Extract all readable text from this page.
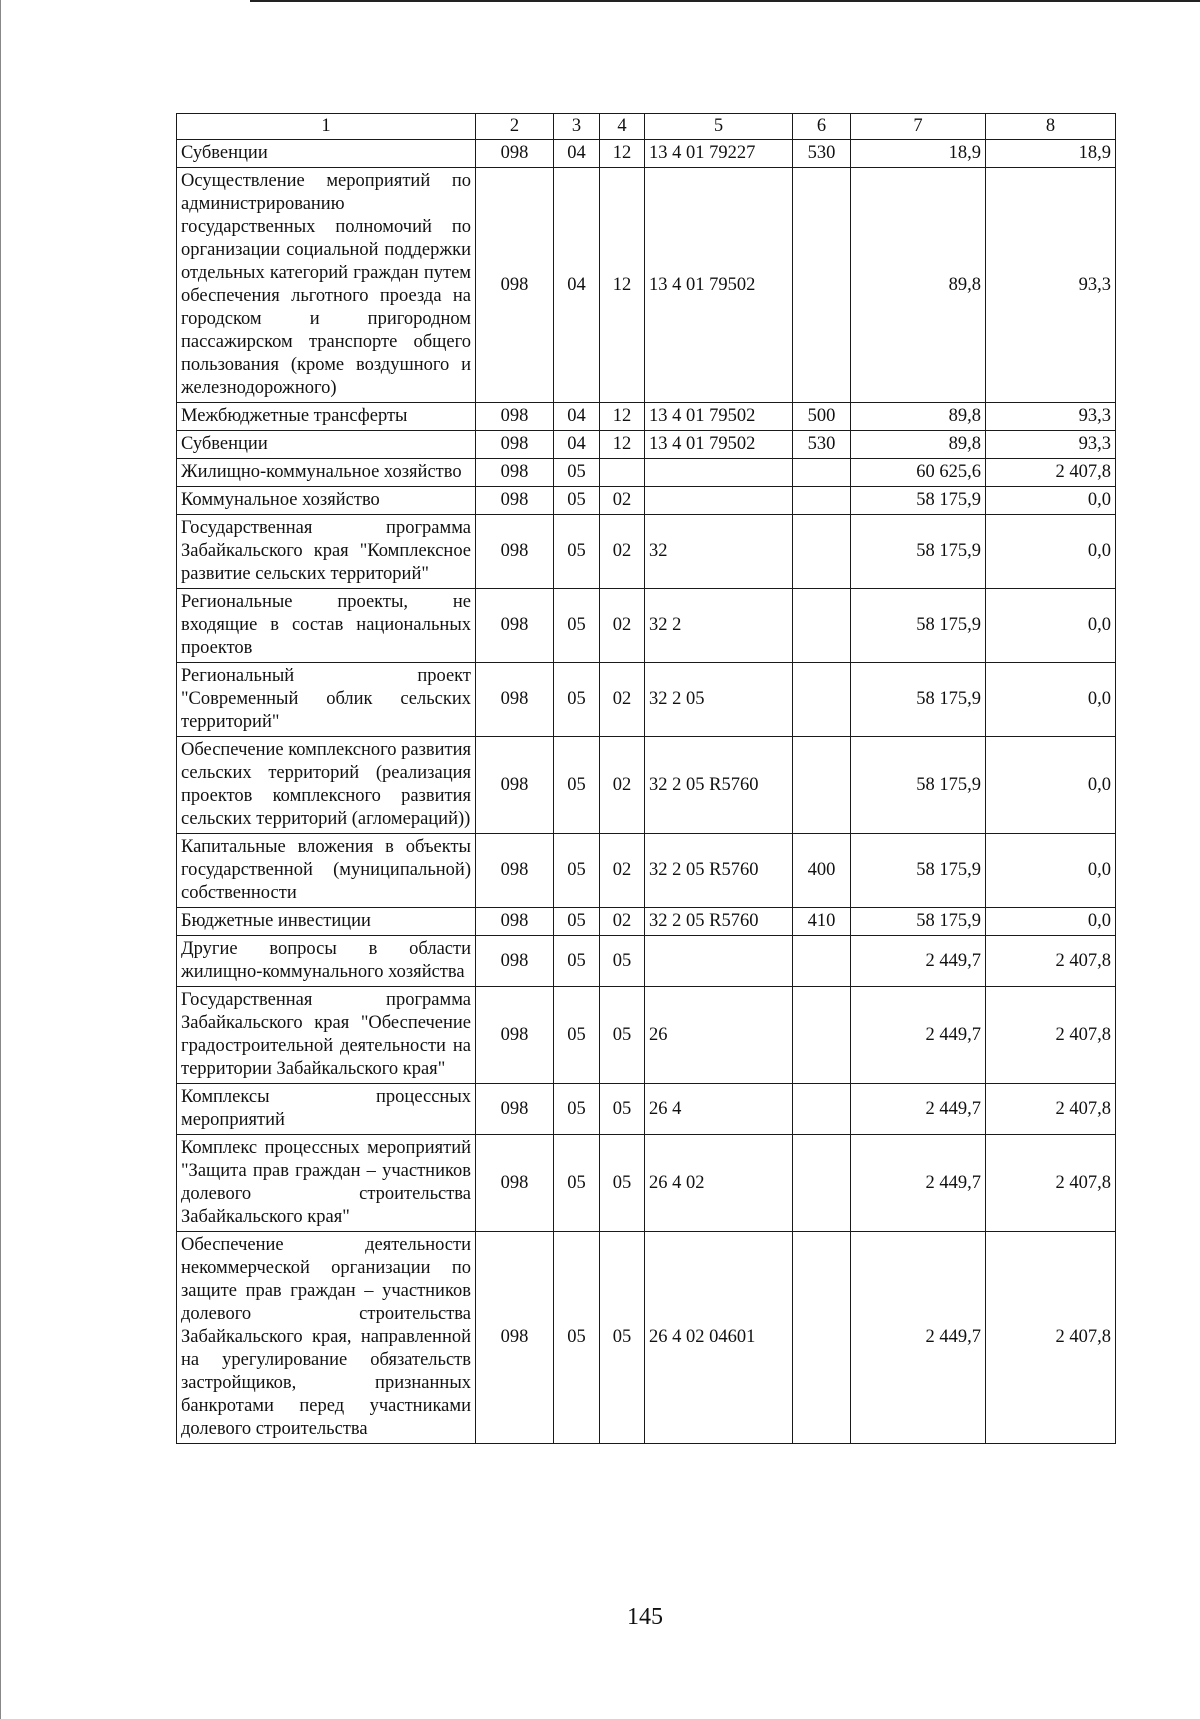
1	2	3	4	5	6	7	8
Субвенции	098	04	12	13 4 01 79227	530	18,9	18,9
Осуществление мероприятий по администрированию государственных полномочий по организации социальной поддержки отдельных категорий граждан путем обеспечения льготного проезда на городском и пригородном пассажирском транспорте общего пользования (кроме воздушного и железнодорожного)	098	04	12	13 4 01 79502		89,8	93,3
Межбюджетные трансферты	098	04	12	13 4 01 79502	500	89,8	93,3
Субвенции	098	04	12	13 4 01 79502	530	89,8	93,3
Жилищно-коммунальное хозяйство	098	05				60 625,6	2 407,8
Коммунальное хозяйство	098	05	02			58 175,9	0,0
Государственная программа Забайкальского края "Комплексное развитие сельских территорий"	098	05	02	32		58 175,9	0,0
Региональные проекты, не входящие в состав национальных проектов	098	05	02	32 2		58 175,9	0,0
Региональный проект "Современный облик сельских территорий"	098	05	02	32 2 05		58 175,9	0,0
Обеспечение комплексного развития сельских территорий (реализация проектов комплексного развития сельских территорий (агломераций))	098	05	02	32 2 05 R5760		58 175,9	0,0
Капитальные вложения в объекты государственной (муниципальной) собственности	098	05	02	32 2 05 R5760	400	58 175,9	0,0
Бюджетные инвестиции	098	05	02	32 2 05 R5760	410	58 175,9	0,0
Другие вопросы в области жилищно-коммунального хозяйства	098	05	05			2 449,7	2 407,8
Государственная программа Забайкальского края "Обеспечение градостроительной деятельности на территории Забайкальского края"	098	05	05	26		2 449,7	2 407,8
Комплексы процессных мероприятий	098	05	05	26 4		2 449,7	2 407,8
Комплекс процессных мероприятий "Защита прав граждан – участников долевого строительства Забайкальского края"	098	05	05	26 4 02		2 449,7	2 407,8
Обеспечение деятельности некоммерческой организации по защите прав граждан – участников долевого строительства Забайкальского края, направленной на урегулирование обязательств застройщиков, признанных банкротами перед участниками долевого строительства	098	05	05	26 4 02 04601		2 449,7	2 407,8
145
